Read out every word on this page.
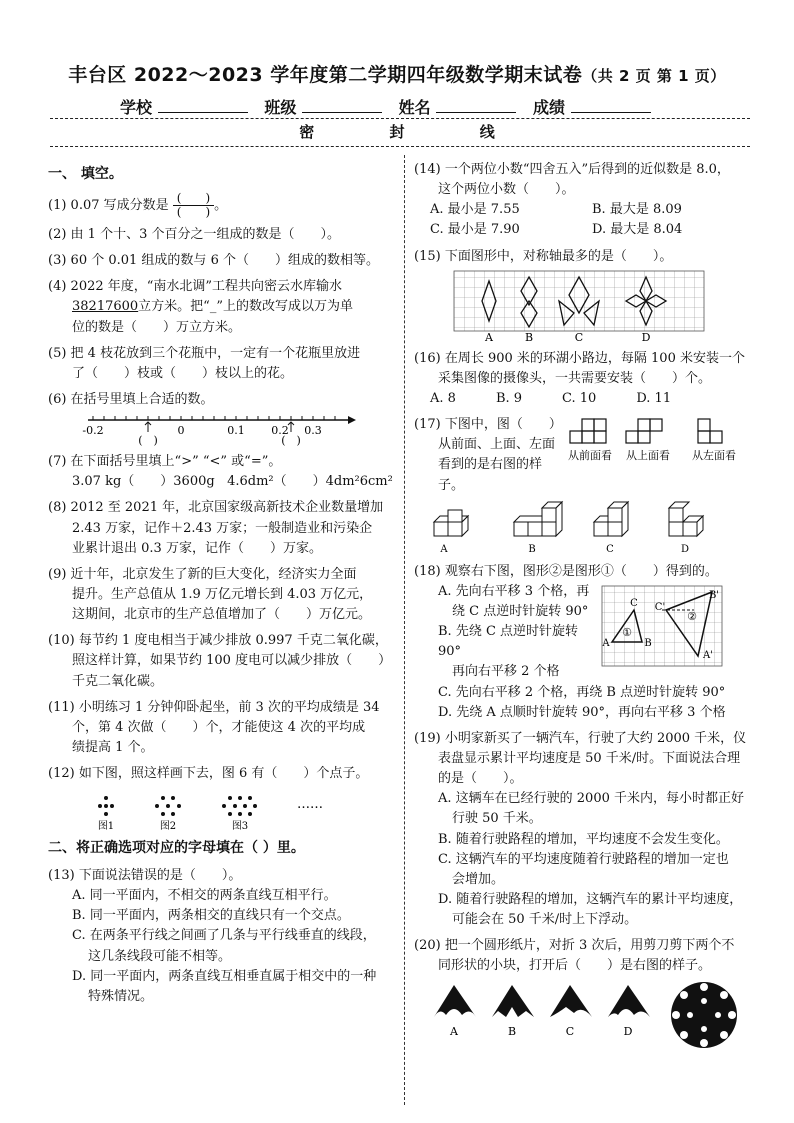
丰台区 2022～2023 学年度第二学期四年级数学期末试卷（共 2 页 第 1 页）
学校	班级	姓名	成绩
密 封 线
一、 填空。
(1) 0.07 写成分数是 $\frac{( )}{( )}$ 。
(2) 由 1 个十、3 个百分之一组成的数是（　　）。
(3) 60 个 0.01 组成的数与 6 个（　　）组成的数相等。
(4) 2022 年度，“南水北调”工程共向密云水库输水
38217600立方米。把“_”上的数改写成以万为单
位的数是（　　）万立方米。
(5) 把 4 枝花放到三个花瓶中，一定有一个花瓶里放进
了（　　）枝或（　　）枝以上的花。
(6) 在括号里填上合适的数。
-0.2	0	0.1 0.2 0.3
(　)	(　)
(7) 在下面括号里填上“>” “<” 或“=”。
3.07 kg（　　）3600g 4.6dm²（　　）4dm²6cm²
(8) 2012 至 2021 年，北京国家级高新技术企业数量增加
2.43 万家，记作＋2.43 万家；一般制造业和污染企
业累计退出 0.3 万家，记作（　　）万家。
(9) 近十年，北京发生了新的巨大变化，经济实力全面
提升。生产总值从 1.9 万亿元增长到 4.03 万亿元，
这期间，北京市的生产总值增加了（　　）万亿元。
(10) 每节约 1 度电相当于减少排放 0.997 千克二氧化碳，
照这样计算，如果节约 100 度电可以减少排放（　　）
千克二氧化碳。
(11) 小明练习 1 分钟仰卧起坐，前 3 次的平均成绩是 34
个，第 4 次做（　　）个，才能使这 4 次的平均成
绩提高 1 个。
(12) 如下图，照这样画下去，图 6 有（　　）个点子。
图1	图2	图3
……
二、将正确选项对应的字母填在（ ）里。
(13) 下面说法错误的是（　　）。
A. 同一平面内，不相交的两条直线互相平行。
B. 同一平面内，两条相交的直线只有一个交点。
C. 在两条平行线之间画了几条与平行线垂直的线段，
这几条线段可能不相等。
D. 同一平面内，两条直线互相垂直属于相交中的一种
特殊情况。
(14) 一个两位小数“四舍五入”后得到的近似数是 8.0，
这个两位小数（　　）。
A. 最小是 7.55	B. 最大是 8.09
C. 最小是 7.90	D. 最大是 8.04
(15) 下面图形中，对称轴最多的是（　　）。
A	B	C	D
(16) 在周长 900 米的环湖小路边，每隔 100 米安装一个
采集图像的摄像头，一共需要安装（　　）个。
A. 8	B. 9	C. 10	D. 11
(17) 下图中，图（　　）
从前面、上面、左面
看到的是右图的样子。
从前面看 从上面看 从左面看
A	B	C	D
(18) 观察右下图，图形②是图形①（　　）得到的。
A. 先向右平移 3 个格，再
绕 C 点逆时针旋转 90°
B. 先绕 C 点逆时针旋转 90°
再向右平移 2 个格
C C'
A	B
A'
B'
①
②
C. 先向右平移 2 个格，再绕 B 点逆时针旋转 90°
D. 先绕 A 点顺时针旋转 90°，再向右平移 3 个格
(19) 小明家新买了一辆汽车，行驶了大约 2000 千米，仪
表盘显示累计平均速度是 50 千米/时。下面说法合理
的是（　　）。
A. 这辆车在已经行驶的 2000 千米内，每小时都正好
行驶 50 千米。
B. 随着行驶路程的增加，平均速度不会发生变化。
C. 这辆汽车的平均速度随着行驶路程的增加一定也
会增加。
D. 随着行驶路程的增加，这辆汽车的累计平均速度，
可能会在 50 千米/时上下浮动。
(20) 把一个圆形纸片，对折 3 次后，用剪刀剪下两个不
同形状的小块，打开后（　　）是右图的样子。
A	B	C	D
